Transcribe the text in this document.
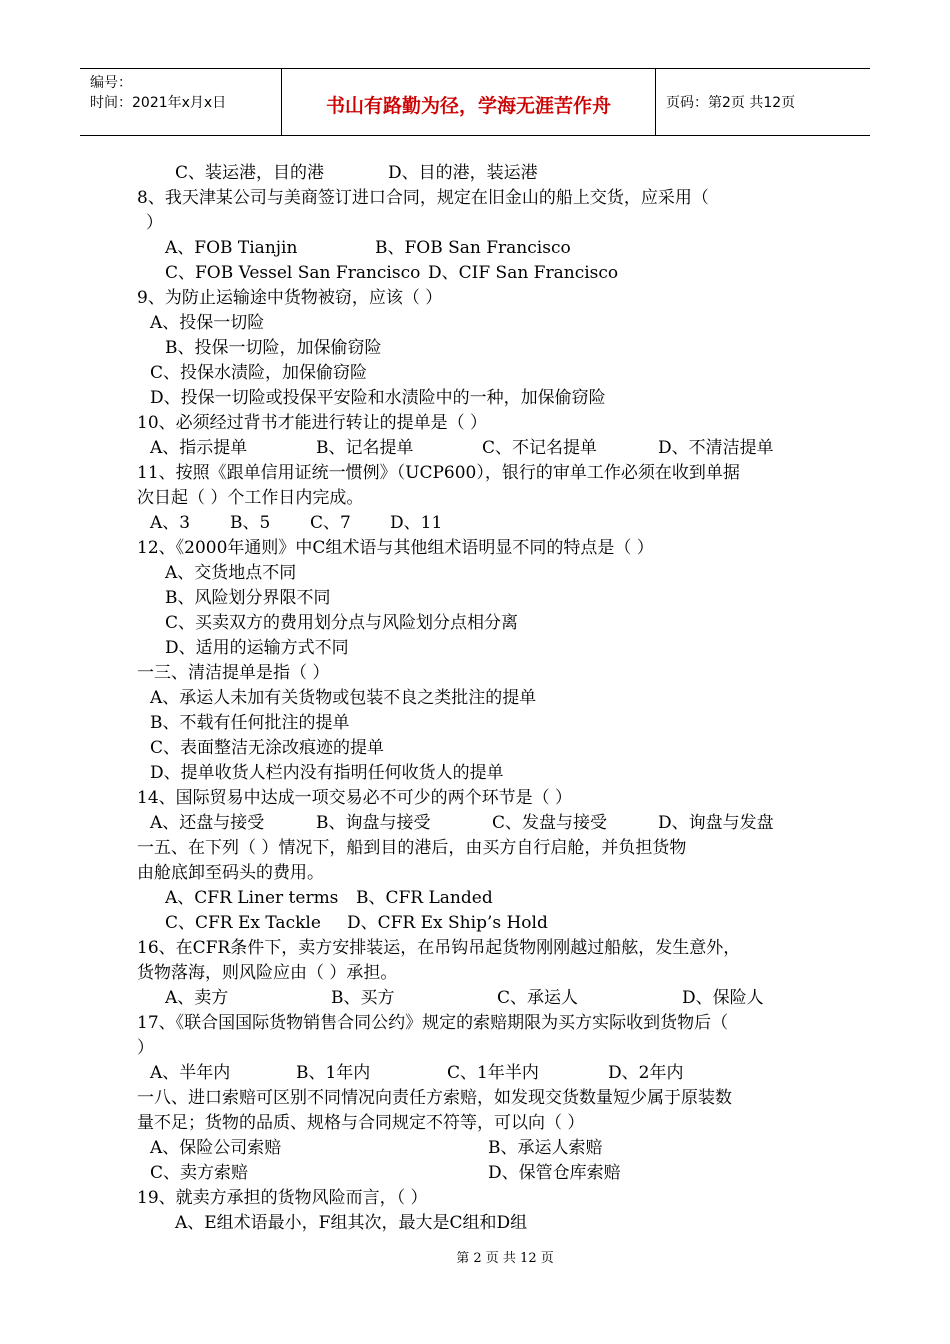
编号：
时间：2021年x月x日	书山有路勤为径，学海无涯苦作舟	页码：第2页 共12页
C、装运港，目的港	D、目的港，装运港
8、我天津某公司与美商签订进口合同，规定在旧金山的船上交货，应采用（
）
A、FOB Tianjin	B、FOB San Francisco
C、FOB Vessel San Francisco D、CIF San Francisco
9、为防止运输途中货物被窃，应该（ ）
A、投保一切险
B、投保一切险，加保偷窃险
C、投保水渍险，加保偷窃险
D、投保一切险或投保平安险和水渍险中的一种，加保偷窃险
10、必须经过背书才能进行转让的提单是（ ）
A、指示提单	B、记名提单	C、不记名提单	D、不清洁提单
11、按照《跟单信用证统一惯例》（UCP600），银行的审单工作必须在收到单据
次日起（ ）个工作日内完成。
A、3 B、5 C、7 D、11
12、《2000年通则》中C组术语与其他组术语明显不同的特点是（ ）
A、交货地点不同
B、风险划分界限不同
C、买卖双方的费用划分点与风险划分点相分离
D、适用的运输方式不同
一三、清洁提单是指（ ）
A、承运人未加有关货物或包装不良之类批注的提单
B、不载有任何批注的提单
C、表面整洁无涂改痕迹的提单
D、提单收货人栏内没有指明任何收货人的提单
14、国际贸易中达成一项交易必不可少的两个环节是（ ）
A、还盘与接受	B、询盘与接受	C、发盘与接受	D、询盘与发盘
一五、在下列（ ）情况下，船到目的港后，由买方自行启舱，并负担货物
由舱底卸至码头的费用。
A、CFR Liner terms B、CFR Landed
C、CFR Ex Tackle D、CFR Ex Ship’s Hold
16、在CFR条件下，卖方安排装运，在吊钩吊起货物刚刚越过船舷，发生意外，
货物落海，则风险应由（ ）承担。
A、卖方	B、买方	C、承运人	D、保险人
17、《联合国国际货物销售合同公约》规定的索赔期限为买方实际收到货物后（
）
A、半年内	B、1年内	C、1年半内	D、2年内
一八、进口索赔可区别不同情况向责任方索赔，如发现交货数量短少属于原装数
量不足；货物的品质、规格与合同规定不符等，可以向（ ）
A、保险公司索赔	B、承运人索赔
C、卖方索赔	D、保管仓库索赔
19、就卖方承担的货物风险而言，（ ）
A、E组术语最小，F组其次，最大是C组和D组
第 2 页 共 12 页
